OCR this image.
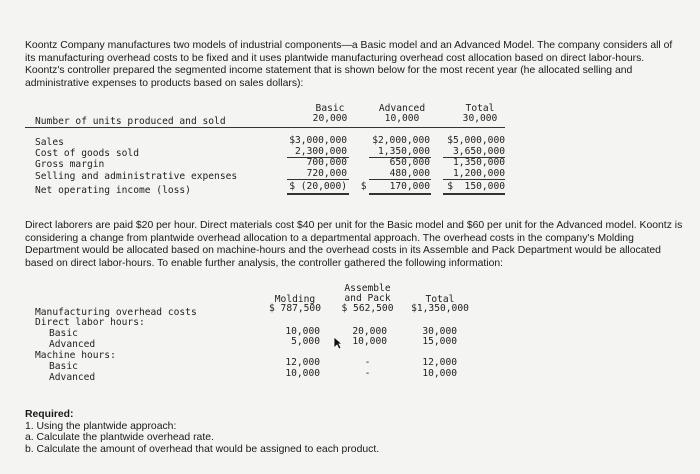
Koontz Company manufactures two models of industrial components—a Basic model and an Advanced Model. The company considers all of its manufacturing overhead costs to be fixed and it uses plantwide manufacturing overhead cost allocation based on direct labor-hours. Koontz's controller prepared the segmented income statement that is shown below for the most recent year (he allocated selling and administrative expenses to products based on sales dollars):
Basic	Advanced	Total
Number of units produced and sold	20,000	10,000	30,000
Sales	$3,000,000	$2,000,000	$5,000,000
Cost of goods sold	2,300,000	1,350,000	3,650,000
Gross margin	700,000	650,000	1,350,000
Selling and administrative expenses	720,000	480,000	1,200,000
Net operating income (loss)	$ (20,000)	$    170,000	$  150,000
Direct laborers are paid $20 per hour. Direct materials cost $40 per unit for the Basic model and $60 per unit for the Advanced model. Koontz is considering a change from plantwide overhead allocation to a departmental approach. The overhead costs in the company's Molding Department would be allocated based on machine-hours and the overhead costs in its Assemble and Pack Department would be allocated based on direct labor-hours. To enable further analysis, the controller gathered the following information:
Molding
Assemble
and Pack	Total
Manufacturing overhead costs	$ 787,500	$ 562,500	$1,350,000
Direct labor hours:
Basic	10,000	20,000	30,000
Advanced	5,000	10,000	15,000
Machine hours:
Basic	12,000	-	12,000
Advanced	10,000	-	10,000
Required:
1. Using the plantwide approach:
a. Calculate the plantwide overhead rate.
b. Calculate the amount of overhead that would be assigned to each product.
